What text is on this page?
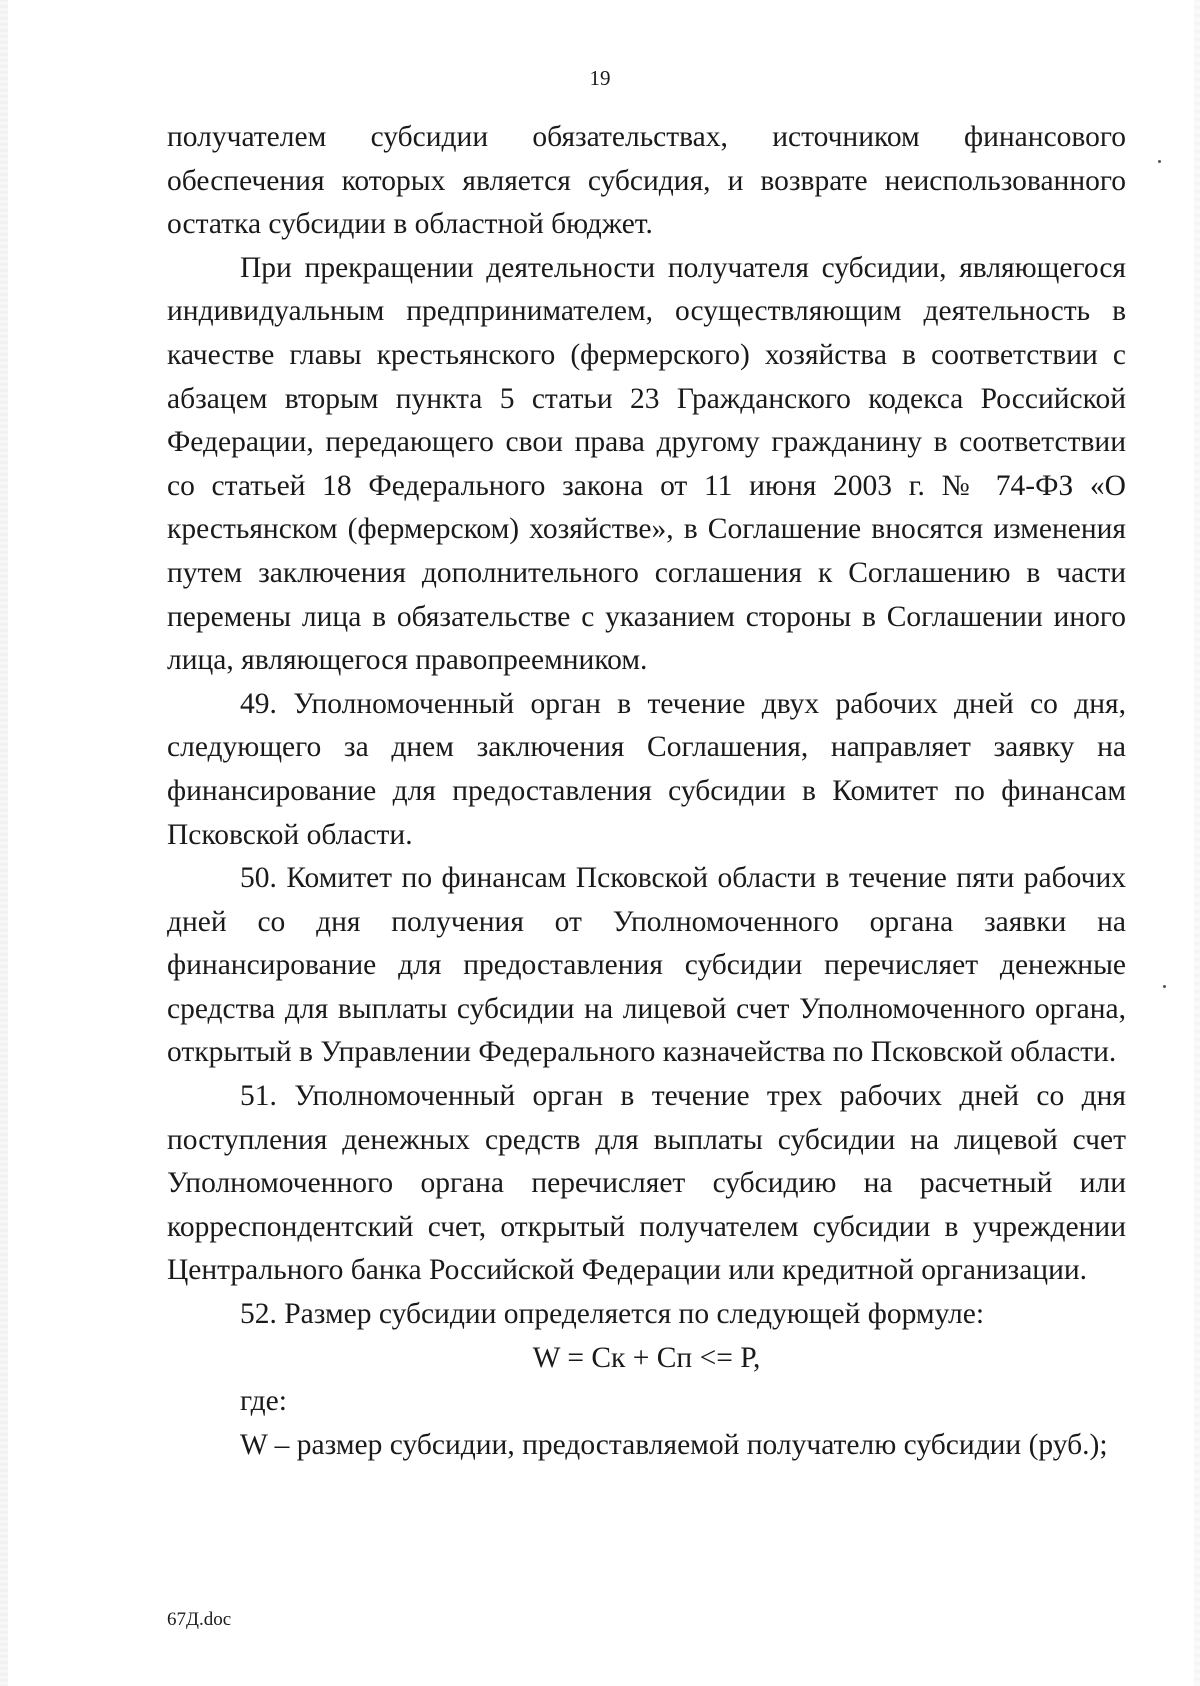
19

получателем субсидии обязательствах, источником финансового обеспечения которых является субсидия, и возврате неиспользованного остатка субсидии в областной бюджет.

При прекращении деятельности получателя субсидии, являющегося индивидуальным предпринимателем, осуществляющим деятельность в качестве главы крестьянского (фермерского) хозяйства в соответствии с абзацем вторым пункта 5 статьи 23 Гражданского кодекса Российской Федерации, передающего свои права другому гражданину в соответствии со статьей 18 Федерального закона от 11 июня 2003 г. № 74-ФЗ «О крестьянском (фермерском) хозяйстве», в Соглашение вносятся изменения путем заключения дополнительного соглашения к Соглашению в части перемены лица в обязательстве с указанием стороны в Соглашении иного лица, являющегося правопреемником.

49. Уполномоченный орган в течение двух рабочих дней со дня, следующего за днем заключения Соглашения, направляет заявку на финансирование для предоставления субсидии в Комитет по финансам Псковской области.

50. Комитет по финансам Псковской области в течение пяти рабочих дней со дня получения от Уполномоченного органа заявки на финансирование для предоставления субсидии перечисляет денежные средства для выплаты субсидии на лицевой счет Уполномоченного органа, открытый в Управлении Федерального казначейства по Псковской области.

51. Уполномоченный орган в течение трех рабочих дней со дня поступления денежных средств для выплаты субсидии на лицевой счет Уполномоченного органа перечисляет субсидию на расчетный или корреспондентский счет, открытый получателем субсидии в учреждении Центрального банка Российской Федерации или кредитной организации.

52. Размер субсидии определяется по следующей формуле:

W = Ск + Сп <= Р,

где:

W – размер субсидии, предоставляемой получателю субсидии (руб.);

67Д.doc
